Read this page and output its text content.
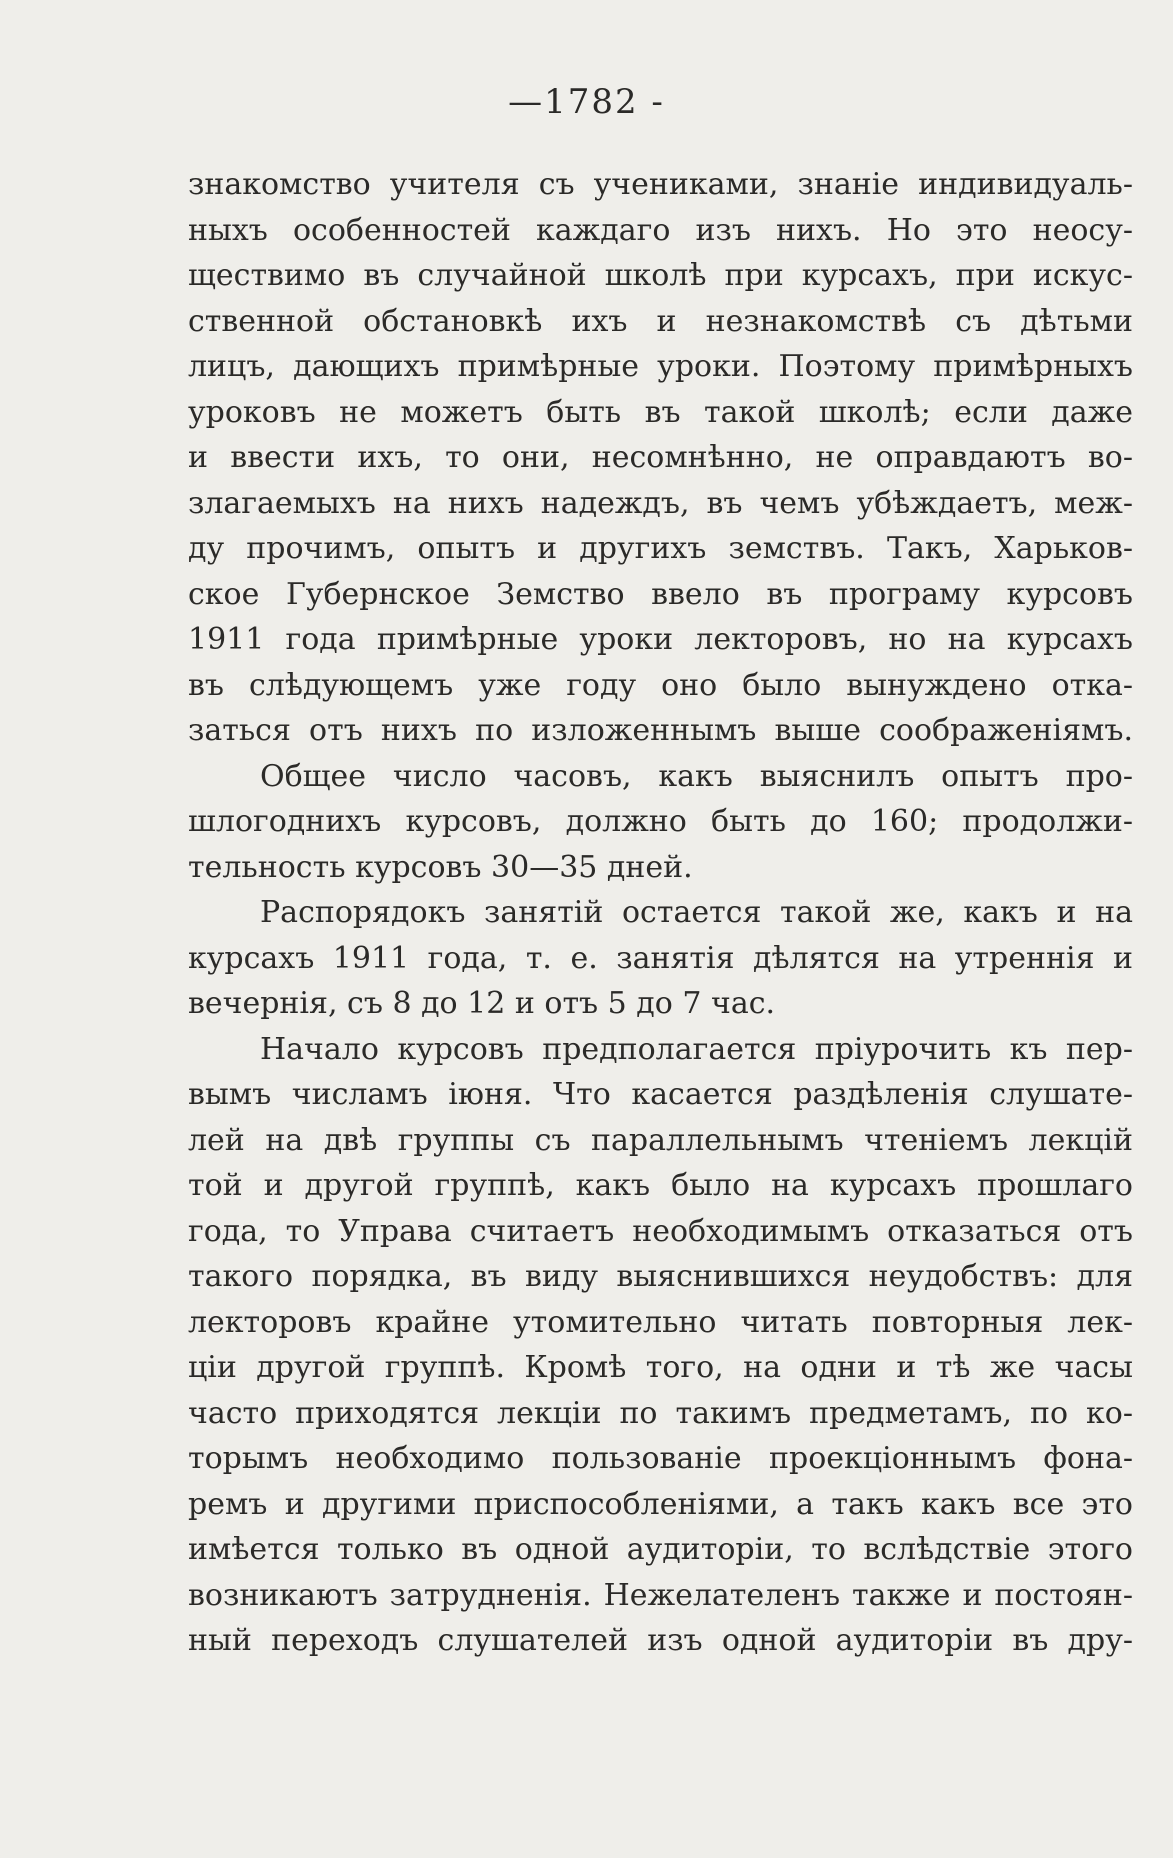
—1782 -
знакомство учителя съ учениками, знаніе индивидуаль-
ныхъ особенностей каждаго изъ нихъ. Но это неосу-
ществимо въ случайной школѣ при курсахъ, при искус-
ственной обстановкѣ ихъ и незнакомствѣ съ дѣтьми
лицъ, дающихъ примѣрные уроки. Поэтому примѣрныхъ
уроковъ не можетъ быть въ такой школѣ; если даже
и ввести ихъ, то они, несомнѣнно, не оправдаютъ во-
злагаемыхъ на нихъ надеждъ, въ чемъ убѣждаетъ, меж-
ду прочимъ, опытъ и другихъ земствъ. Такъ, Харьков-
ское Губернское Земство ввело въ програму курсовъ
1911 года примѣрные уроки лекторовъ, но на курсахъ
въ слѣдующемъ уже году оно было вынуждено отка-
заться отъ нихъ по изложеннымъ выше соображеніямъ.
Общее число часовъ, какъ выяснилъ опытъ про-
шлогоднихъ курсовъ, должно быть до 160; продолжи-
тельность курсовъ 30—35 дней.
Распорядокъ занятій остается такой же, какъ и на
курсахъ 1911 года, т. е. занятія дѣлятся на утреннія и
вечернія, съ 8 до 12 и отъ 5 до 7 час.
Начало курсовъ предполагается пріурочить къ пер-
вымъ числамъ іюня. Что касается раздѣленія слушате-
лей на двѣ группы съ параллельнымъ чтеніемъ лекцій
той и другой группѣ, какъ было на курсахъ прошлаго
года, то Управа считаетъ необходимымъ отказаться отъ
такого порядка, въ виду выяснившихся неудобствъ: для
лекторовъ крайне утомительно читать повторныя лек-
ціи другой группѣ. Кромѣ того, на одни и тѣ же часы
часто приходятся лекціи по такимъ предметамъ, по ко-
торымъ необходимо пользованіе проекціоннымъ фона-
ремъ и другими приспособленіями, а такъ какъ все это
имѣется только въ одной аудиторіи, то вслѣдствіе этого
возникаютъ затрудненія. Нежелателенъ также и постоян-
ный переходъ слушателей изъ одной аудиторіи въ дру-
